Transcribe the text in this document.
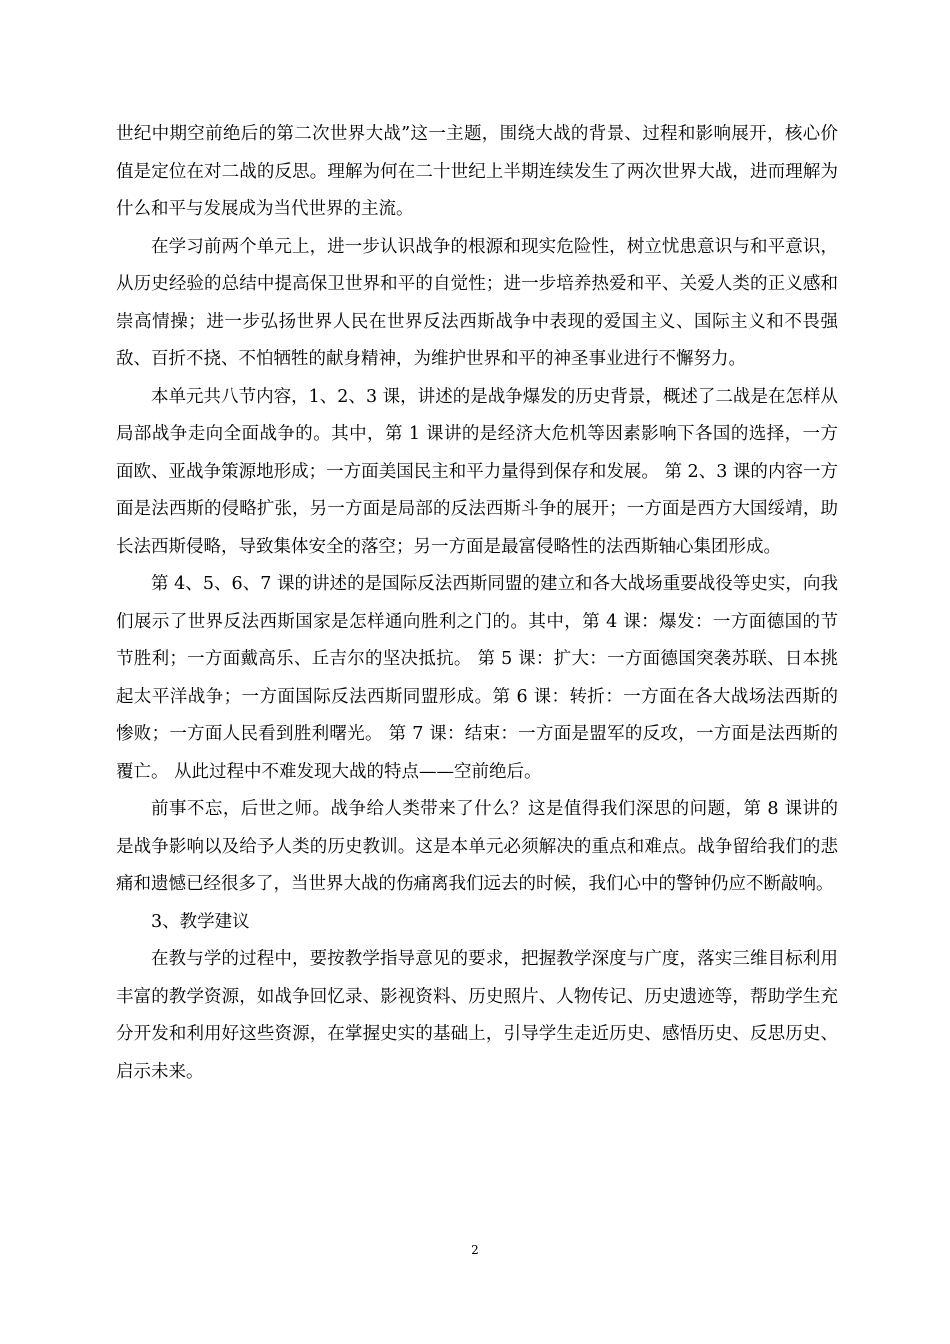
世纪中期空前绝后的第二次世界大战”这一主题，围绕大战的背景、过程和影响展开，核心价值是定位在对二战的反思。理解为何在二十世纪上半期连续发生了两次世界大战，进而理解为什么和平与发展成为当代世界的主流。

在学习前两个单元上，进一步认识战争的根源和现实危险性，树立忧患意识与和平意识，从历史经验的总结中提高保卫世界和平的自觉性；进一步培养热爱和平、关爱人类的正义感和崇高情操；进一步弘扬世界人民在世界反法西斯战争中表现的爱国主义、国际主义和不畏强敌、百折不挠、不怕牺牲的献身精神，为维护世界和平的神圣事业进行不懈努力。

本单元共八节内容，1、2、3 课，讲述的是战争爆发的历史背景，概述了二战是在怎样从局部战争走向全面战争的。其中，第 1 课讲的是经济大危机等因素影响下各国的选择，一方面欧、亚战争策源地形成；一方面美国民主和平力量得到保存和发展。 第 2、3 课的内容一方面是法西斯的侵略扩张，另一方面是局部的反法西斯斗争的展开；一方面是西方大国绥靖，助长法西斯侵略，导致集体安全的落空；另一方面是最富侵略性的法西斯轴心集团形成。

第 4、5、6、7 课的讲述的是国际反法西斯同盟的建立和各大战场重要战役等史实，向我们展示了世界反法西斯国家是怎样通向胜利之门的。其中，第 4 课：爆发：一方面德国的节节胜利；一方面戴高乐、丘吉尔的坚决抵抗。 第 5 课：扩大：一方面德国突袭苏联、日本挑起太平洋战争；一方面国际反法西斯同盟形成。第 6 课：转折：一方面在各大战场法西斯的惨败；一方面人民看到胜利曙光。 第 7 课：结束：一方面是盟军的反攻，一方面是法西斯的覆亡。 从此过程中不难发现大战的特点——空前绝后。

前事不忘，后世之师。战争给人类带来了什么？这是值得我们深思的问题，第 8 课讲的是战争影响以及给予人类的历史教训。这是本单元必须解决的重点和难点。战争留给我们的悲痛和遗憾已经很多了，当世界大战的伤痛离我们远去的时候，我们心中的警钟仍应不断敲响。

3、教学建议

在教与学的过程中，要按教学指导意见的要求，把握教学深度与广度，落实三维目标利用丰富的教学资源，如战争回忆录、影视资料、历史照片、人物传记、历史遗迹等，帮助学生充分开发和利用好这些资源，在掌握史实的基础上，引导学生走近历史、感悟历史、反思历史、启示未来。

2
